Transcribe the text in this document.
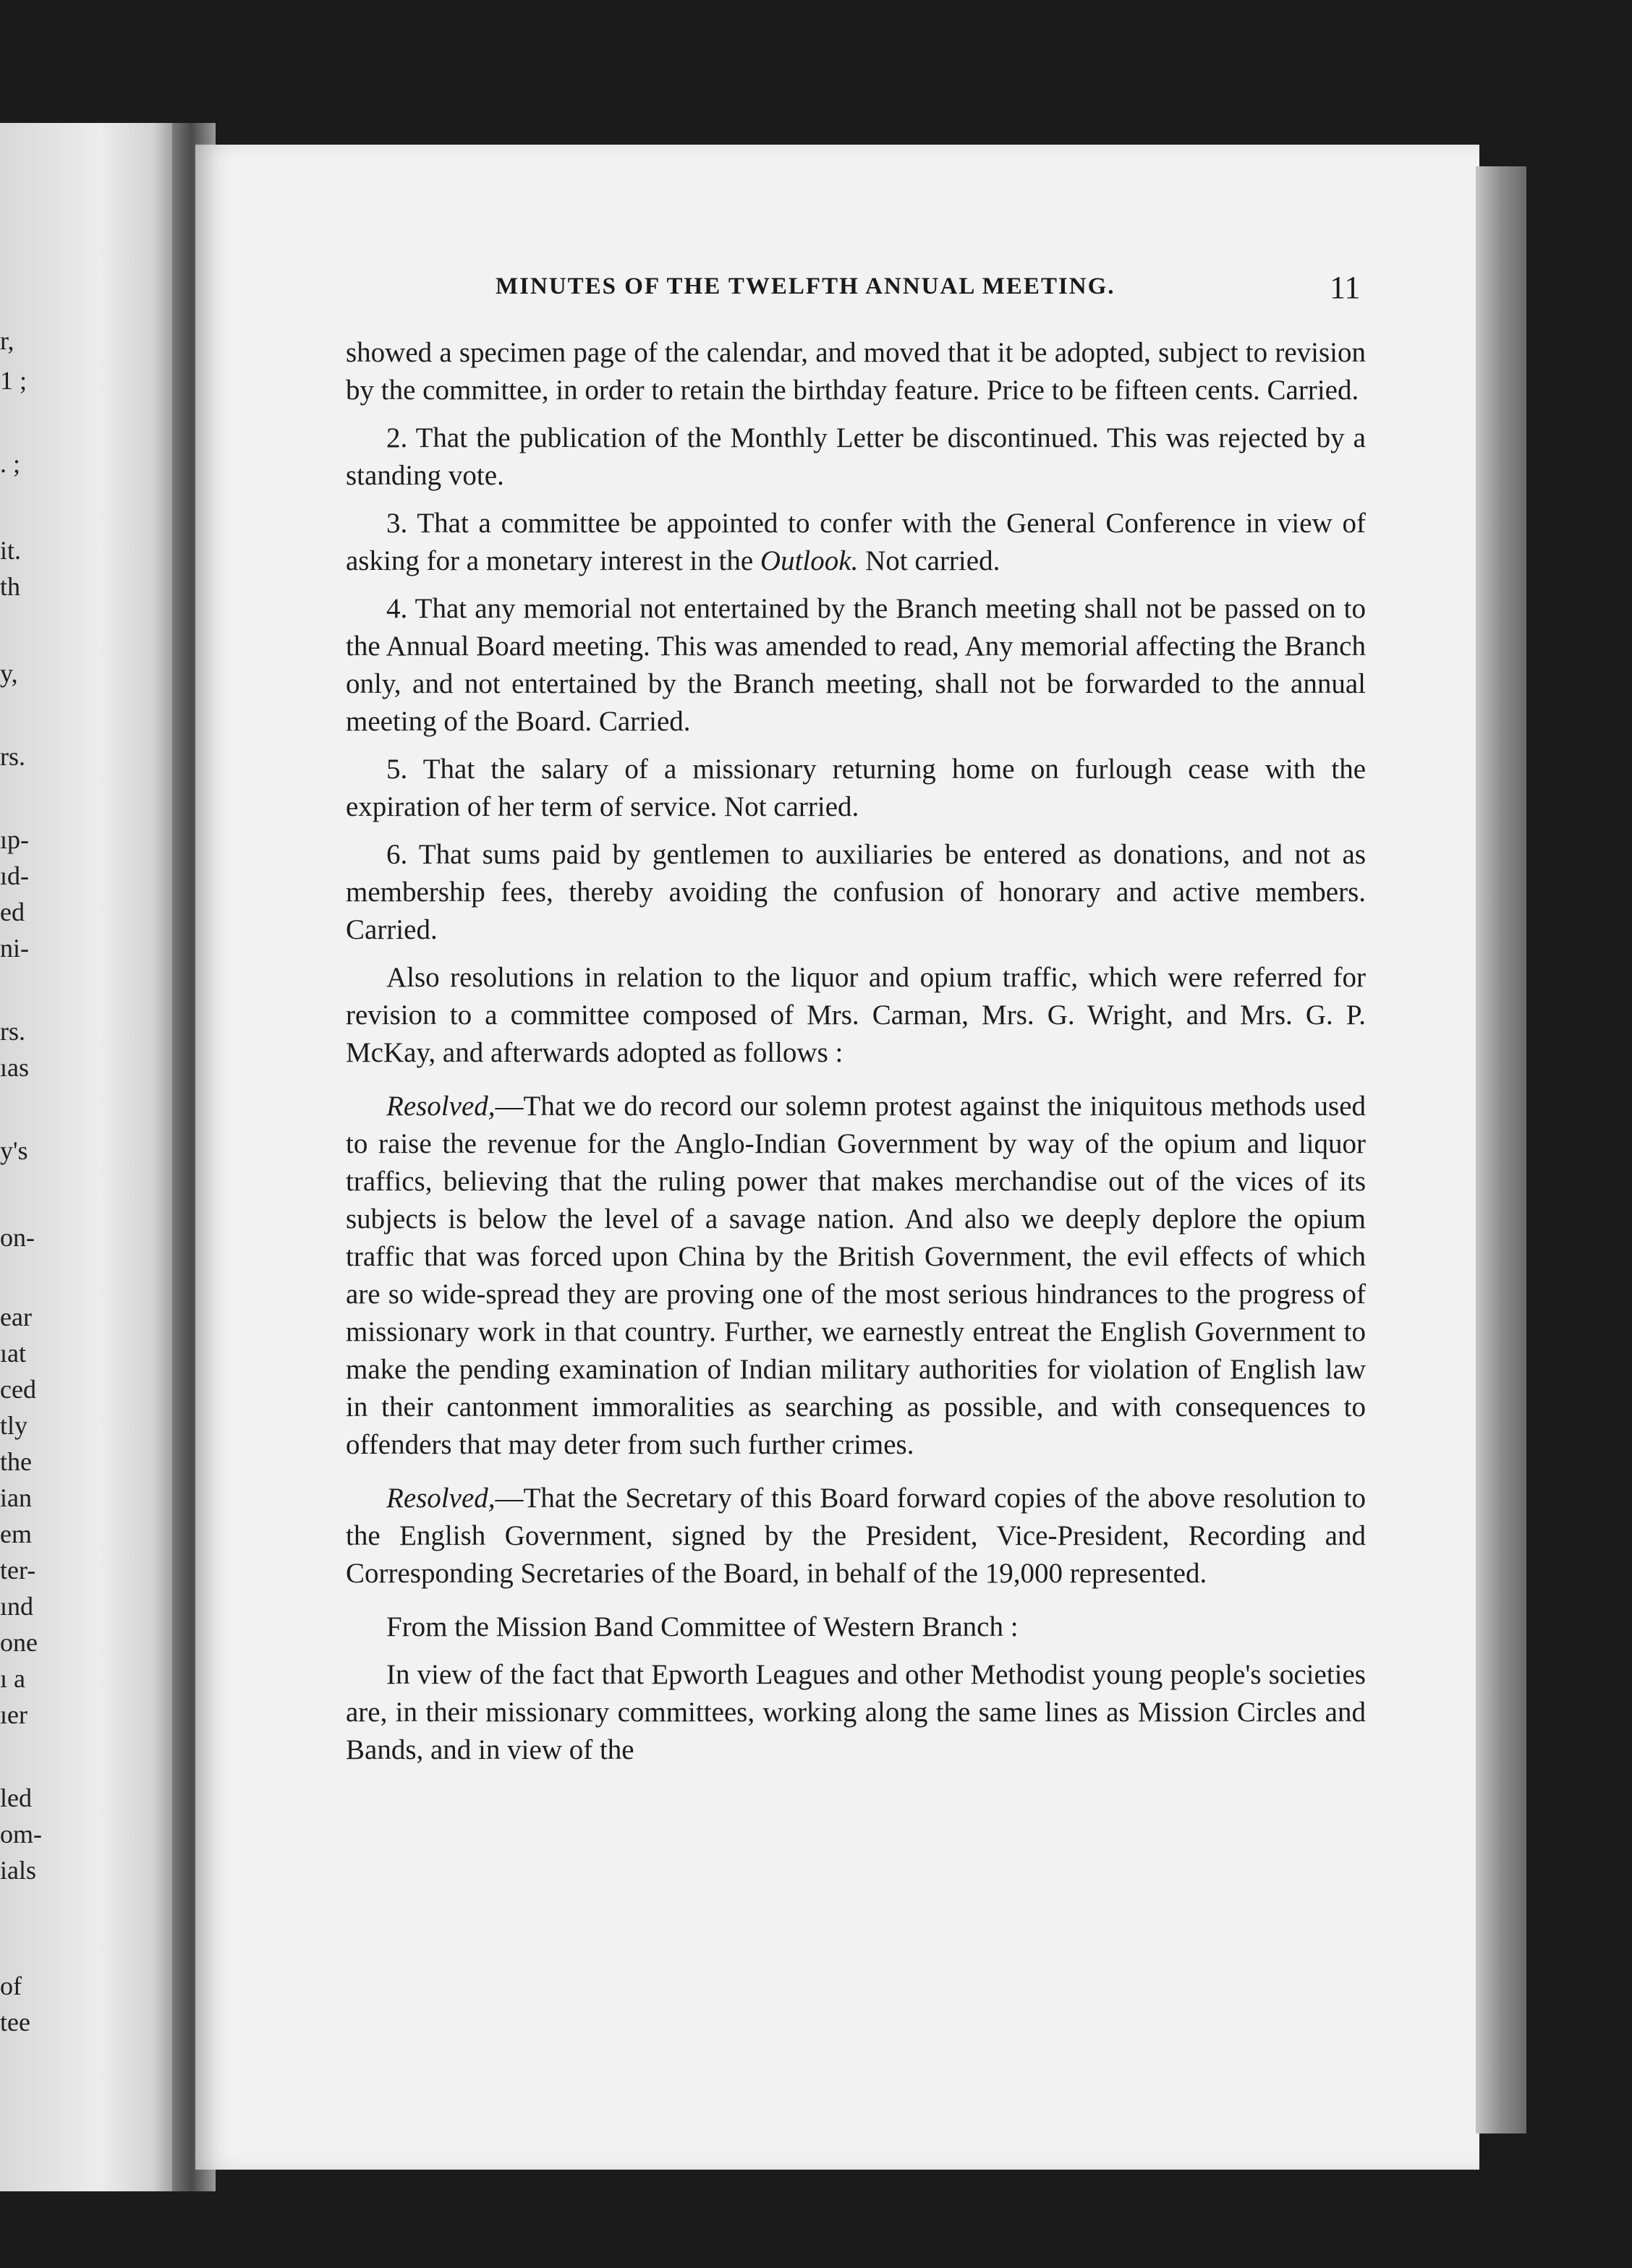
r,
1 ;
. ;
it.
th
y,
rs.
ıp-
ıd-
ed
ni-
rs.
ıas
y's
on-
ear
ıat
ced
tly
the
ian
em
ter-
ınd
one
ı a
ıer
led
om-
ials
of
tee
MINUTES OF THE TWELFTH ANNUAL MEETING.	11

showed a specimen page of the calendar, and moved that it be adopted, subject to revision by the committee, in order to retain the birthday feature. Price to be fifteen cents. Carried.

2. That the publication of the Monthly Letter be discontinued. This was rejected by a standing vote.

3. That a committee be appointed to confer with the General Conference in view of asking for a monetary interest in the Outlook. Not carried.

4. That any memorial not entertained by the Branch meeting shall not be passed on to the Annual Board meeting. This was amended to read, Any memorial affecting the Branch only, and not entertained by the Branch meeting, shall not be forwarded to the annual meeting of the Board. Carried.

5. That the salary of a missionary returning home on furlough cease with the expiration of her term of service. Not carried.

6. That sums paid by gentlemen to auxiliaries be entered as donations, and not as membership fees, thereby avoiding the confusion of honorary and active members. Carried.

Also resolutions in relation to the liquor and opium traffic, which were referred for revision to a committee composed of Mrs. Carman, Mrs. G. Wright, and Mrs. G. P. McKay, and afterwards adopted as follows :

Resolved,—That we do record our solemn protest against the iniquitous methods used to raise the revenue for the Anglo-Indian Government by way of the opium and liquor traffics, believing that the ruling power that makes merchandise out of the vices of its subjects is below the level of a savage nation. And also we deeply deplore the opium traffic that was forced upon China by the British Government, the evil effects of which are so wide-spread they are proving one of the most serious hindrances to the progress of missionary work in that country. Further, we earnestly entreat the English Government to make the pending examination of Indian military authorities for violation of English law in their cantonment immoralities as searching as possible, and with consequences to offenders that may deter from such further crimes.

Resolved,—That the Secretary of this Board forward copies of the above resolution to the English Government, signed by the President, Vice-President, Recording and Corresponding Secretaries of the Board, in behalf of the 19,000 represented.

From the Mission Band Committee of Western Branch :

In view of the fact that Epworth Leagues and other Methodist young people's societies are, in their missionary committees, working along the same lines as Mission Circles and Bands, and in view of the
